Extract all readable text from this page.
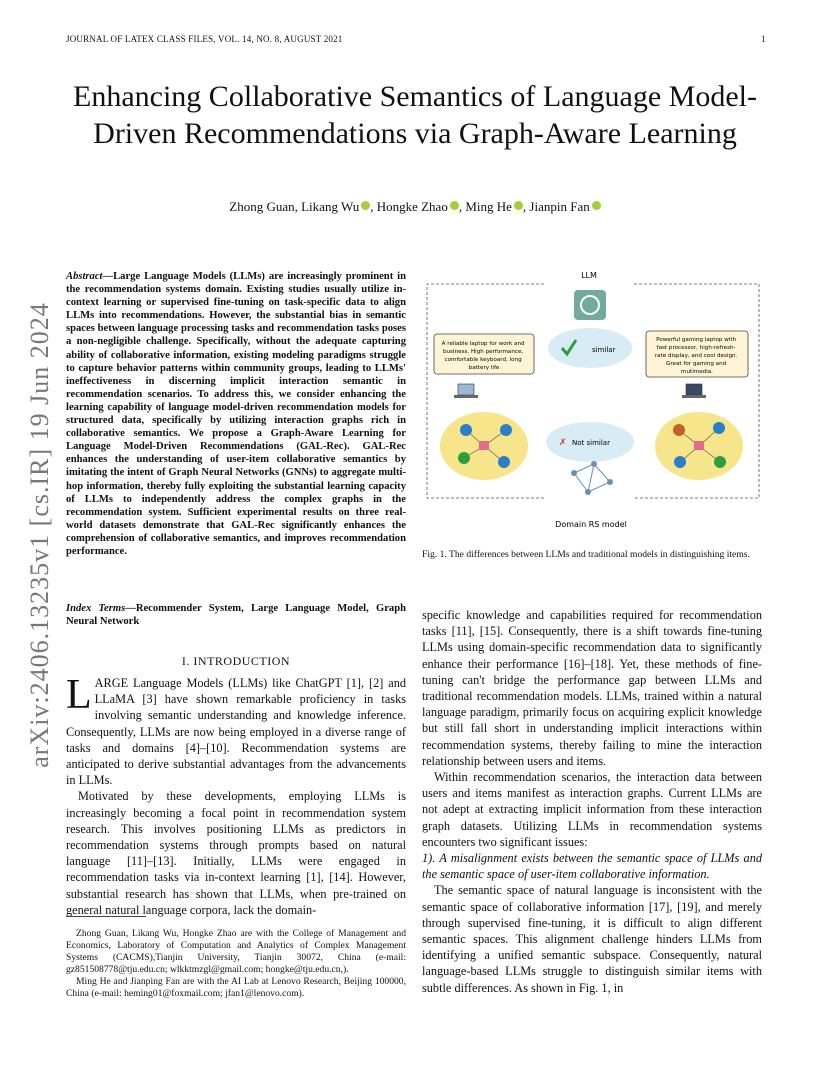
JOURNAL OF LATEX CLASS FILES, VOL. 14, NO. 8, AUGUST 2021	1
Enhancing Collaborative Semantics of Language Model-Driven Recommendations via Graph-Aware Learning
Zhong Guan, Likang Wu , Hongke Zhao , Ming He , Jianpin Fan
arXiv:2406.13235v1 [cs.IR] 19 Jun 2024
Abstract—Large Language Models (LLMs) are increasingly prominent in the recommendation systems domain. Existing studies usually utilize in-context learning or supervised fine-tuning on task-specific data to align LLMs into recommendations. However, the substantial bias in semantic spaces between language processing tasks and recommendation tasks poses a non-negligible challenge. Specifically, without the adequate capturing ability of collaborative information, existing modeling paradigms struggle to capture behavior patterns within community groups, leading to LLMs' ineffectiveness in discerning implicit interaction semantic in recommendation scenarios. To address this, we consider enhancing the learning capability of language model-driven recommendation models for structured data, specifically by utilizing interaction graphs rich in collaborative semantics. We propose a Graph-Aware Learning for Language Model-Driven Recommendations (GAL-Rec). GAL-Rec enhances the understanding of user-item collaborative semantics by imitating the intent of Graph Neural Networks (GNNs) to aggregate multi-hop information, thereby fully exploiting the substantial learning capacity of LLMs to independently address the complex graphs in the recommendation system. Sufficient experimental results on three real-world datasets demonstrate that GAL-Rec significantly enhances the comprehension of collaborative semantics, and improves recommendation performance.
Index Terms—Recommender System, Large Language Model, Graph Neural Network
I. INTRODUCTION

LARGE Language Models (LLMs) like ChatGPT [1], [2] and LLaMA [3] have shown remarkable proficiency in tasks involving semantic understanding and knowledge inference. Consequently, LLMs are now being employed in a diverse range of tasks and domains [4]–[10]. Recommendation systems are anticipated to derive substantial advantages from the advancements in LLMs.

Motivated by these developments, employing LLMs is increasingly becoming a focal point in recommendation system research. This involves positioning LLMs as predictors in recommendation systems through prompts based on natural language [11]–[13]. Initially, LLMs were engaged in recommendation tasks via in-context learning [1], [14]. However, substantial research has shown that LLMs, when pre-trained on general natural language corpora, lack the domain-

Zhong Guan, Likang Wu, Hongke Zhao are with the College of Management and Economics, Laboratory of Computation and Analytics of Complex Management Systems (CACMS),Tianjin University, Tianjin 30072, China (e-mail: gz851508778@tju.edu.cn; wlkktmzgl@gmail.com; hongke@tju.edu.cn,).

Ming He and Jianping Fan are with the AI Lab at Lenovo Research, Beijing 100000, China (e-mail: heming01@foxmail.com; jfan1@lenovo.com).

LLM
similar
A reliable laptop for work and business. High performance, comfortable keyboard, long battery life
Powerful gaming laptop with fast processor, high-refresh- rate display, and cool design. Great for gaming and mutimedia.
✗ Not similar
Domain RS model
Fig. 1. The differences between LLMs and traditional models in distinguishing items.

specific knowledge and capabilities required for recommendation tasks [11], [15]. Consequently, there is a shift towards fine-tuning LLMs using domain-specific recommendation data to significantly enhance their performance [16]–[18]. Yet, these methods of fine-tuning can't bridge the performance gap between LLMs and traditional recommendation models. LLMs, trained within a natural language paradigm, primarily focus on acquiring explicit knowledge but still fall short in understanding implicit interactions within recommendation systems, thereby failing to mine the interaction relationship between users and items.

Within recommendation scenarios, the interaction data between users and items manifest as interaction graphs. Current LLMs are not adept at extracting implicit information from these interaction graph datasets. Utilizing LLMs in recommendation systems encounters two significant issues:

1). A misalignment exists between the semantic space of LLMs and the semantic space of user-item collaborative information.

The semantic space of natural language is inconsistent with the semantic space of collaborative information [17], [19], and merely through supervised fine-tuning, it is difficult to align different semantic spaces. This alignment challenge hinders LLMs from identifying a unified semantic subspace. Consequently, natural language-based LLMs struggle to distinguish similar items with subtle differences. As shown in Fig. 1, in
